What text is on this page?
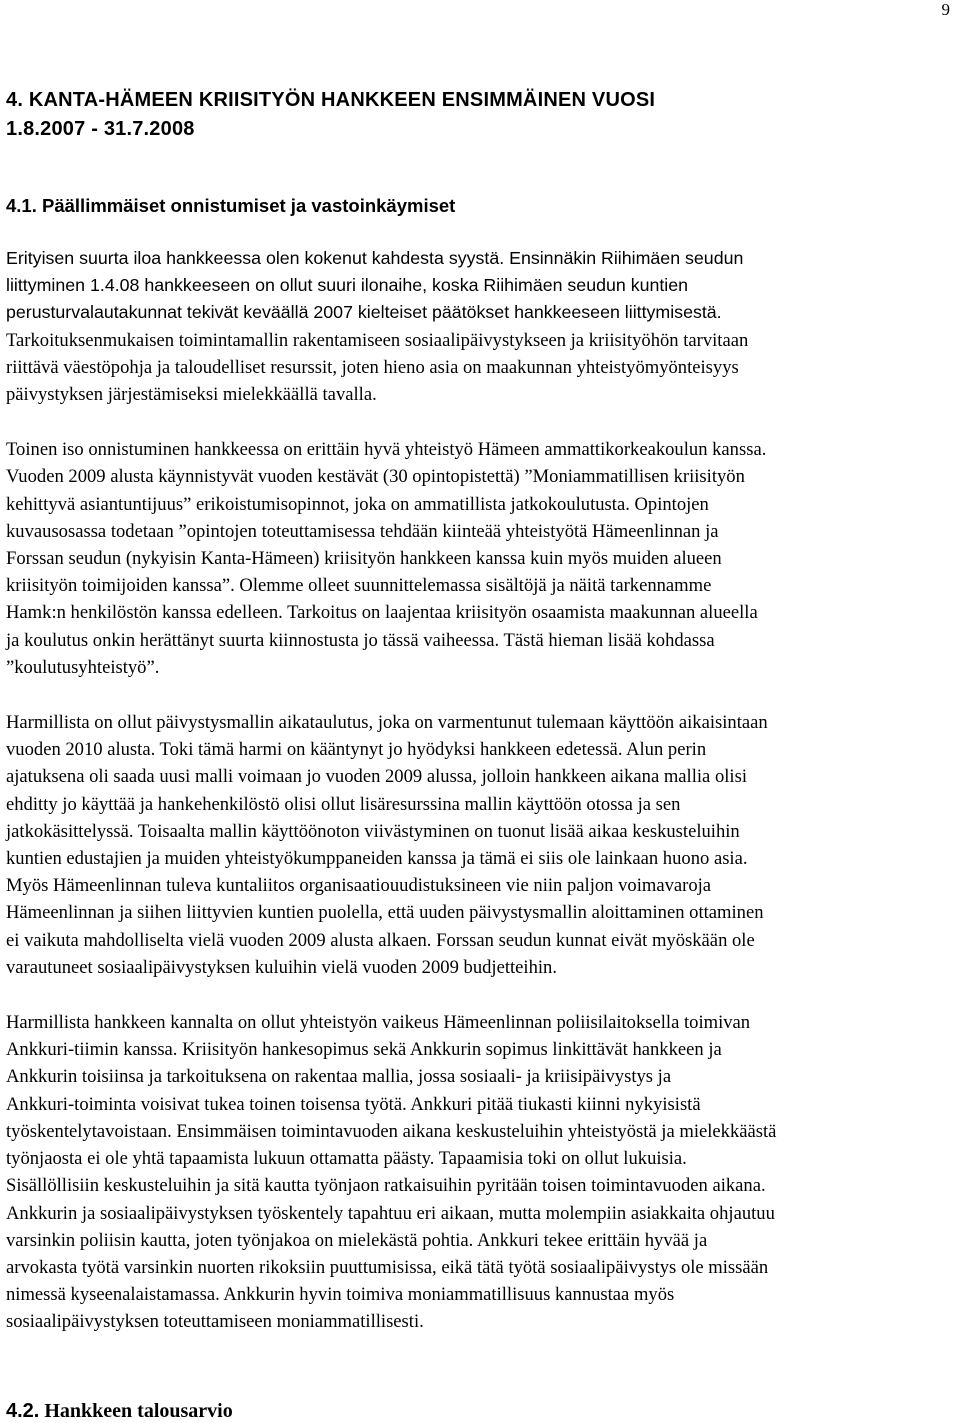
9
4. KANTA-HÄMEEN KRIISITYÖN HANKKEEN ENSIMMÄINEN VUOSI
1.8.2007 - 31.7.2008
4.1. Päällimmäiset onnistumiset ja vastoinkäymiset

Erityisen suurta iloa hankkeessa olen kokenut kahdesta syystä. Ensinnäkin Riihimäen seudun
liittyminen 1.4.08 hankkeeseen on ollut suuri ilonaihe, koska Riihimäen seudun kuntien
perusturvalautakunnat tekivät keväällä 2007 kielteiset päätökset hankkeeseen liittymisestä.
Tarkoituksenmukaisen toimintamallin rakentamiseen sosiaalipäivystykseen ja kriisityöhön tarvitaan
riittävä väestöpohja ja taloudelliset resurssit, joten hieno asia on maakunnan yhteistyömyönteisyys
päivystyksen järjestämiseksi mielekkäällä tavalla.

Toinen iso onnistuminen hankkeessa on erittäin hyvä yhteistyö Hämeen ammattikorkeakoulun kanssa.
Vuoden 2009 alusta käynnistyvät vuoden kestävät (30 opintopistettä) ”Moniammatillisen kriisityön
kehittyvä asiantuntijuus” erikoistumisopinnot, joka on ammatillista jatkokoulutusta. Opintojen
kuvausosassa todetaan ”opintojen toteuttamisessa tehdään kiinteää yhteistyötä Hämeenlinnan ja
Forssan seudun (nykyisin Kanta-Hämeen) kriisityön hankkeen kanssa kuin myös muiden alueen
kriisityön toimijoiden kanssa”. Olemme olleet suunnittelemassa sisältöjä ja näitä tarkennamme
Hamk:n henkilöstön kanssa edelleen. Tarkoitus on laajentaa kriisityön osaamista maakunnan alueella
ja koulutus onkin herättänyt suurta kiinnostusta jo tässä vaiheessa. Tästä hieman lisää kohdassa
”koulutusyhteistyö”.

Harmillista on ollut päivystysmallin aikataulutus, joka on varmentunut tulemaan käyttöön aikaisintaan
vuoden 2010 alusta. Toki tämä harmi on kääntynyt jo hyödyksi hankkeen edetessä. Alun perin
ajatuksena oli saada uusi malli voimaan jo vuoden 2009 alussa, jolloin hankkeen aikana mallia olisi
ehditty jo käyttää ja hankehenkilöstö olisi ollut lisäresurssina mallin käyttöön otossa ja sen
jatkokäsittelyssä. Toisaalta mallin käyttöönoton viivästyminen on tuonut lisää aikaa keskusteluihin
kuntien edustajien ja muiden yhteistyökumppaneiden kanssa ja tämä ei siis ole lainkaan huono asia.
Myös Hämeenlinnan tuleva kuntaliitos organisaatiouudistuksineen vie niin paljon voimavaroja
Hämeenlinnan ja siihen liittyvien kuntien puolella, että uuden päivystysmallin aloittaminen ottaminen
ei vaikuta mahdolliselta vielä vuoden 2009 alusta alkaen. Forssan seudun kunnat eivät myöskään ole
varautuneet sosiaalipäivystyksen kuluihin vielä vuoden 2009 budjetteihin.

Harmillista hankkeen kannalta on ollut yhteistyön vaikeus Hämeenlinnan poliisilaitoksella toimivan
Ankkuri-tiimin kanssa. Kriisityön hankesopimus sekä Ankkurin sopimus linkittävät hankkeen ja
Ankkurin toisiinsa ja tarkoituksena on rakentaa mallia, jossa sosiaali- ja kriisipäivystys ja
Ankkuri-toiminta voisivat tukea toinen toisensa työtä. Ankkuri pitää tiukasti kiinni nykyisistä
työskentelytavoistaan. Ensimmäisen toimintavuoden aikana keskusteluihin yhteistyöstä ja mielekkäästä
työnjaosta ei ole yhtä tapaamista lukuun ottamatta päästy. Tapaamisia toki on ollut lukuisia.
Sisällöllisiin keskusteluihin ja sitä kautta työnjaon ratkaisuihin pyritään toisen toimintavuoden aikana.
Ankkurin ja sosiaalipäivystyksen työskentely tapahtuu eri aikaan, mutta molempiin asiakkaita ohjautuu
varsinkin poliisin kautta, joten työnjakoa on mielekästä pohtia. Ankkuri tekee erittäin hyvää ja
arvokasta työtä varsinkin nuorten rikoksiin puuttumisissa, eikä tätä työtä sosiaalipäivystys ole missään
nimessä kyseenalaistamassa. Ankkurin hyvin toimiva moniammatillisuus kannustaa myös
sosiaalipäivystyksen toteuttamiseen moniammatillisesti.

4.2. Hankkeen talousarvio
